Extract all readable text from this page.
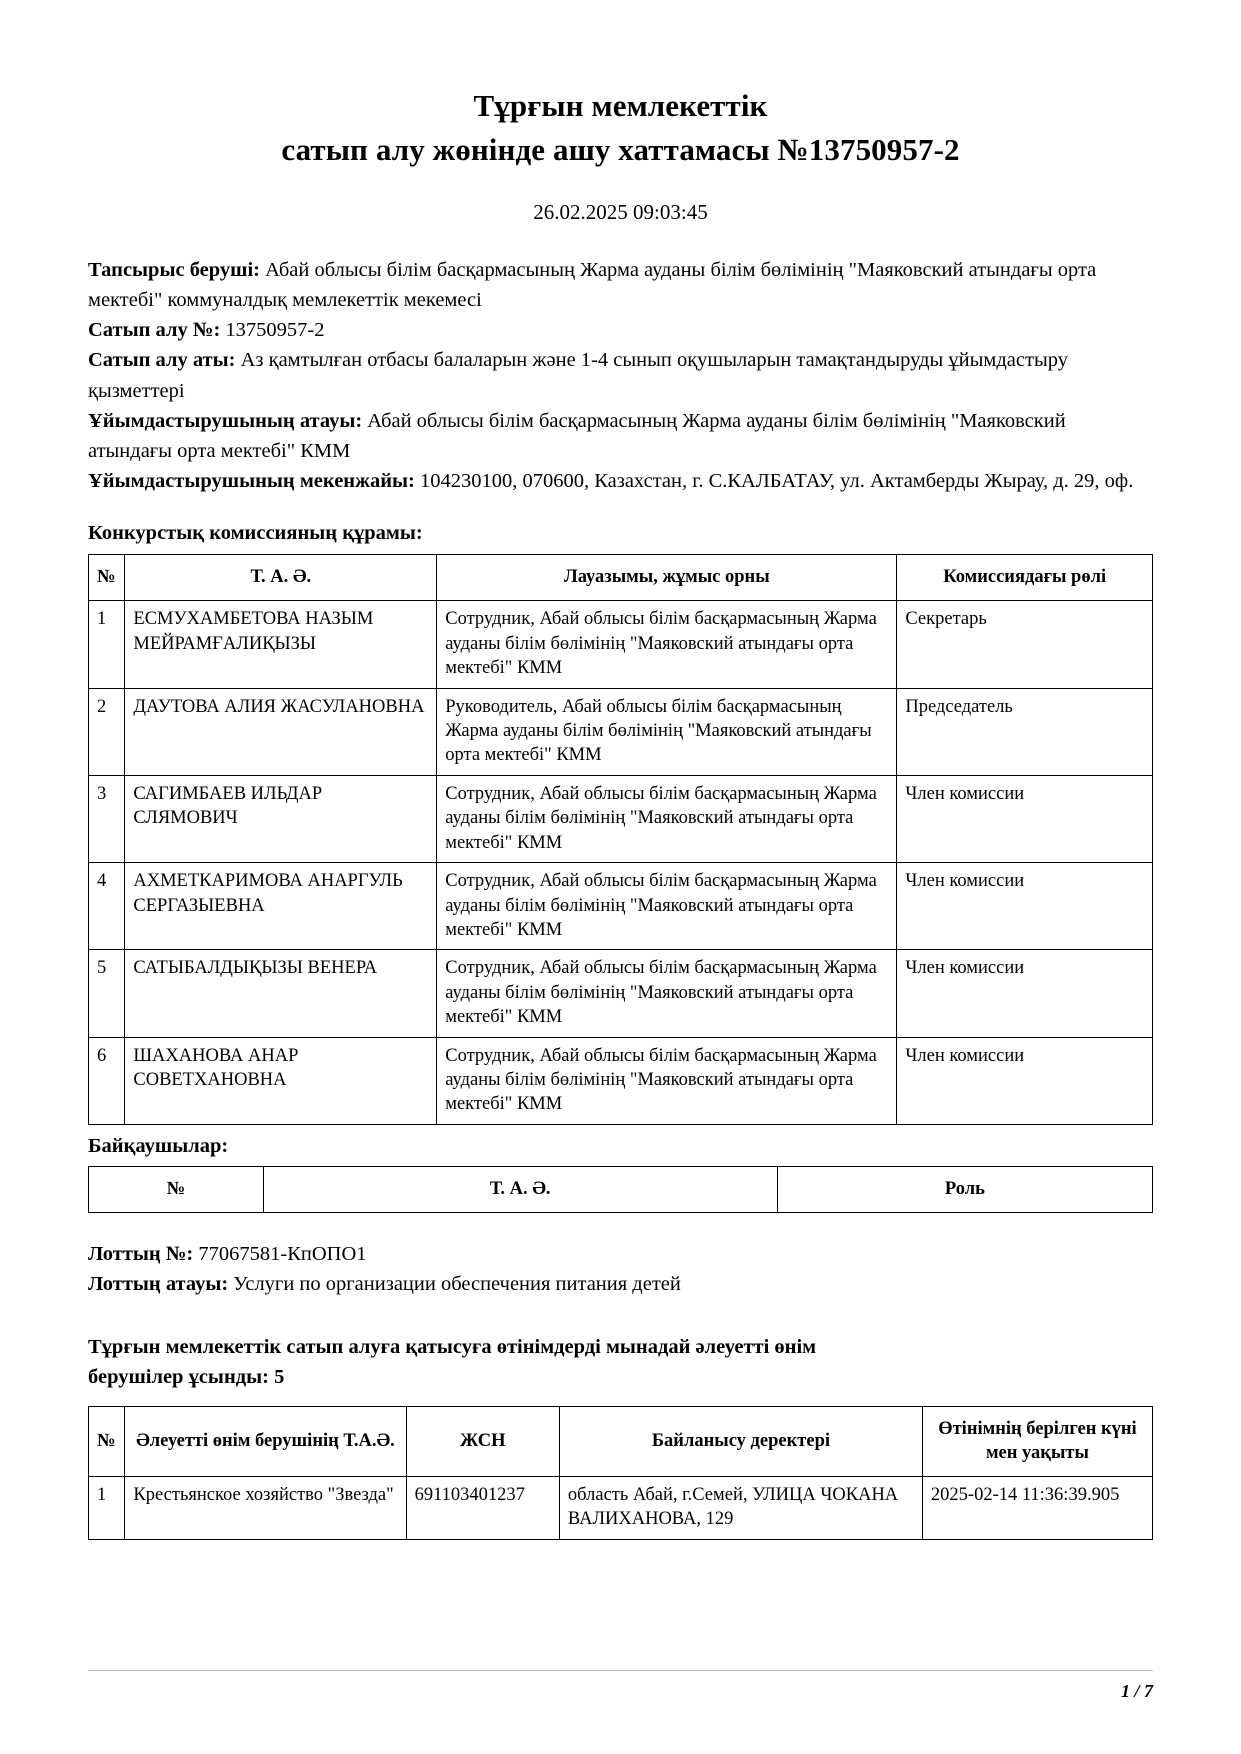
Тұрғын мемлекеттік
сатып алу жөнінде ашу хаттамасы №13750957-2
26.02.2025 09:03:45

Тапсырыс беруші: Абай облысы білім басқармасының Жарма ауданы білім бөлімінің "Маяковский атындағы орта мектебі" коммуналдық мемлекеттік мекемесі

Сатып алу №: 13750957-2

Сатып алу аты: Аз қамтылған отбасы балаларын және 1-4 сынып оқушыларын тамақтандыруды ұйымдастыру қызметтері

Ұйымдастырушының атауы: Абай облысы білім басқармасының Жарма ауданы білім бөлімінің "Маяковский атындағы орта мектебі" КММ

Ұйымдастырушының мекенжайы: 104230100, 070600, Казахстан, г. С.КАЛБАТАУ, ул. Актамберды Жырау, д. 29, оф.

Конкурстық комиссияның құрамы:
№	Т. А. Ә.	Лауазымы, жұмыс орны	Комиссиядағы рөлі
1	ЕСМУХАМБЕТОВА НАЗЫМ МЕЙРАМҒАЛИҚЫЗЫ	Сотрудник, Абай облысы білім басқармасының Жарма ауданы білім бөлімінің "Маяковский атындағы орта мектебі" КММ	Секретарь
2	ДАУТОВА АЛИЯ ЖАСУЛАНОВНА	Руководитель, Абай облысы білім басқармасының Жарма ауданы білім бөлімінің "Маяковский атындағы орта мектебі" КММ	Председатель
3	САГИМБАЕВ ИЛЬДАР СЛЯМОВИЧ	Сотрудник, Абай облысы білім басқармасының Жарма ауданы білім бөлімінің "Маяковский атындағы орта мектебі" КММ	Член комиссии
4	АХМЕТКАРИМОВА АНАРГУЛЬ СЕРГАЗЫЕВНА	Сотрудник, Абай облысы білім басқармасының Жарма ауданы білім бөлімінің "Маяковский атындағы орта мектебі" КММ	Член комиссии
5	САТЫБАЛДЫҚЫЗЫ ВЕНЕРА	Сотрудник, Абай облысы білім басқармасының Жарма ауданы білім бөлімінің "Маяковский атындағы орта мектебі" КММ	Член комиссии
6	ШАХАНОВА АНАР СОВЕТХАНОВНА	Сотрудник, Абай облысы білім басқармасының Жарма ауданы білім бөлімінің "Маяковский атындағы орта мектебі" КММ	Член комиссии
Байқаушылар:
№	Т. А. Ә.	Роль

Лоттың №: 77067581-КпОПО1

Лоттың атауы: Услуги по организации обеспечения питания детей

Тұрғын мемлекеттік сатып алуға қатысуға өтінімдерді мынадай әлеуетті өнім
берушілер ұсынды: 5
№	Әлеуетті өнім берушінің Т.А.Ә.	ЖСН	Байланысу деректері	Өтінімнің берілген күні мен уақыты
1	Крестьянское хозяйство "Звезда"	691103401237	область Абай, г.Семей, УЛИЦА ЧОКАНА ВАЛИХАНОВА, 129	2025-02-14 11:36:39.905
1 / 7
